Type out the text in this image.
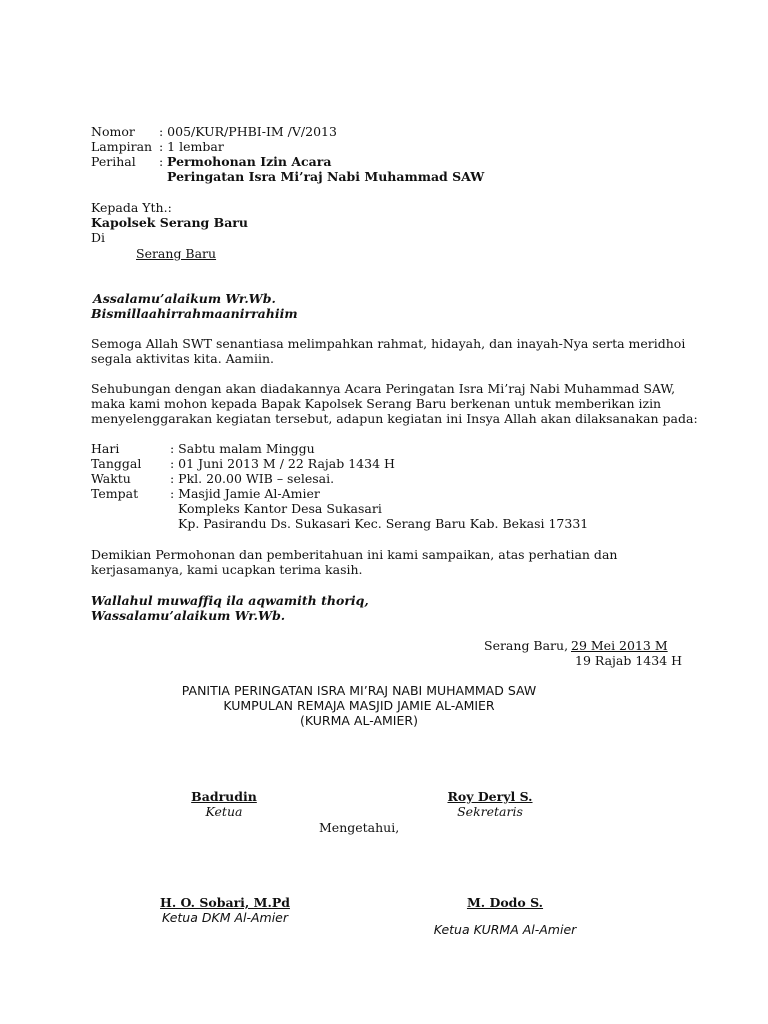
Nomor : 005/KUR/PHBI-IM /V/2013
Lampiran : 1 lembar
Perihal : Permohonan Izin Acara
Peringatan Isra Mi’raj Nabi Muhammad SAW
Kepada Yth.:
Kapolsek Serang Baru
Di
Serang Baru
Assalamu’alaikum Wr.Wb.
Bismillaahirrahmaanirrahiim
Semoga Allah SWT senantiasa melimpahkan rahmat, hidayah, dan inayah-Nya serta meridhoi
segala aktivitas kita. Aamiin.
Sehubungan dengan akan diadakannya Acara Peringatan Isra Mi’raj Nabi Muhammad SAW,
maka kami mohon kepada Bapak Kapolsek Serang Baru berkenan untuk memberikan izin
menyelenggarakan kegiatan tersebut, adapun kegiatan ini Insya Allah akan dilaksanakan pada:
Hari	: Sabtu malam Minggu
Tanggal : 01 Juni 2013 M / 22 Rajab 1434 H
Waktu	: Pkl. 20.00 WIB – selesai.
Tempat	: Masjid Jamie Al-Amier
Kompleks Kantor Desa Sukasari
Kp. Pasirandu Ds. Sukasari Kec. Serang Baru Kab. Bekasi 17331
Demikian Permohonan dan pemberitahuan ini kami sampaikan, atas perhatian dan
kerjasamanya, kami ucapkan terima kasih.
Wallahul muwaffiq ila aqwamith thoriq,
Wassalamu’alaikum Wr.Wb.
Serang Baru, 29 Mei 2013 M
19 Rajab 1434 H
PANITIA PERINGATAN ISRA MI’RAJ NABI MUHAMMAD SAW
KUMPULAN REMAJA MASJID JAMIE AL-AMIER
(KURMA AL-AMIER)
Badrudin
Ketua
Roy Deryl S.
Sekretaris
Mengetahui,
H. O. Sobari, M.Pd
Ketua DKM Al-Amier
M. Dodo S.
Ketua KURMA Al-Amier
